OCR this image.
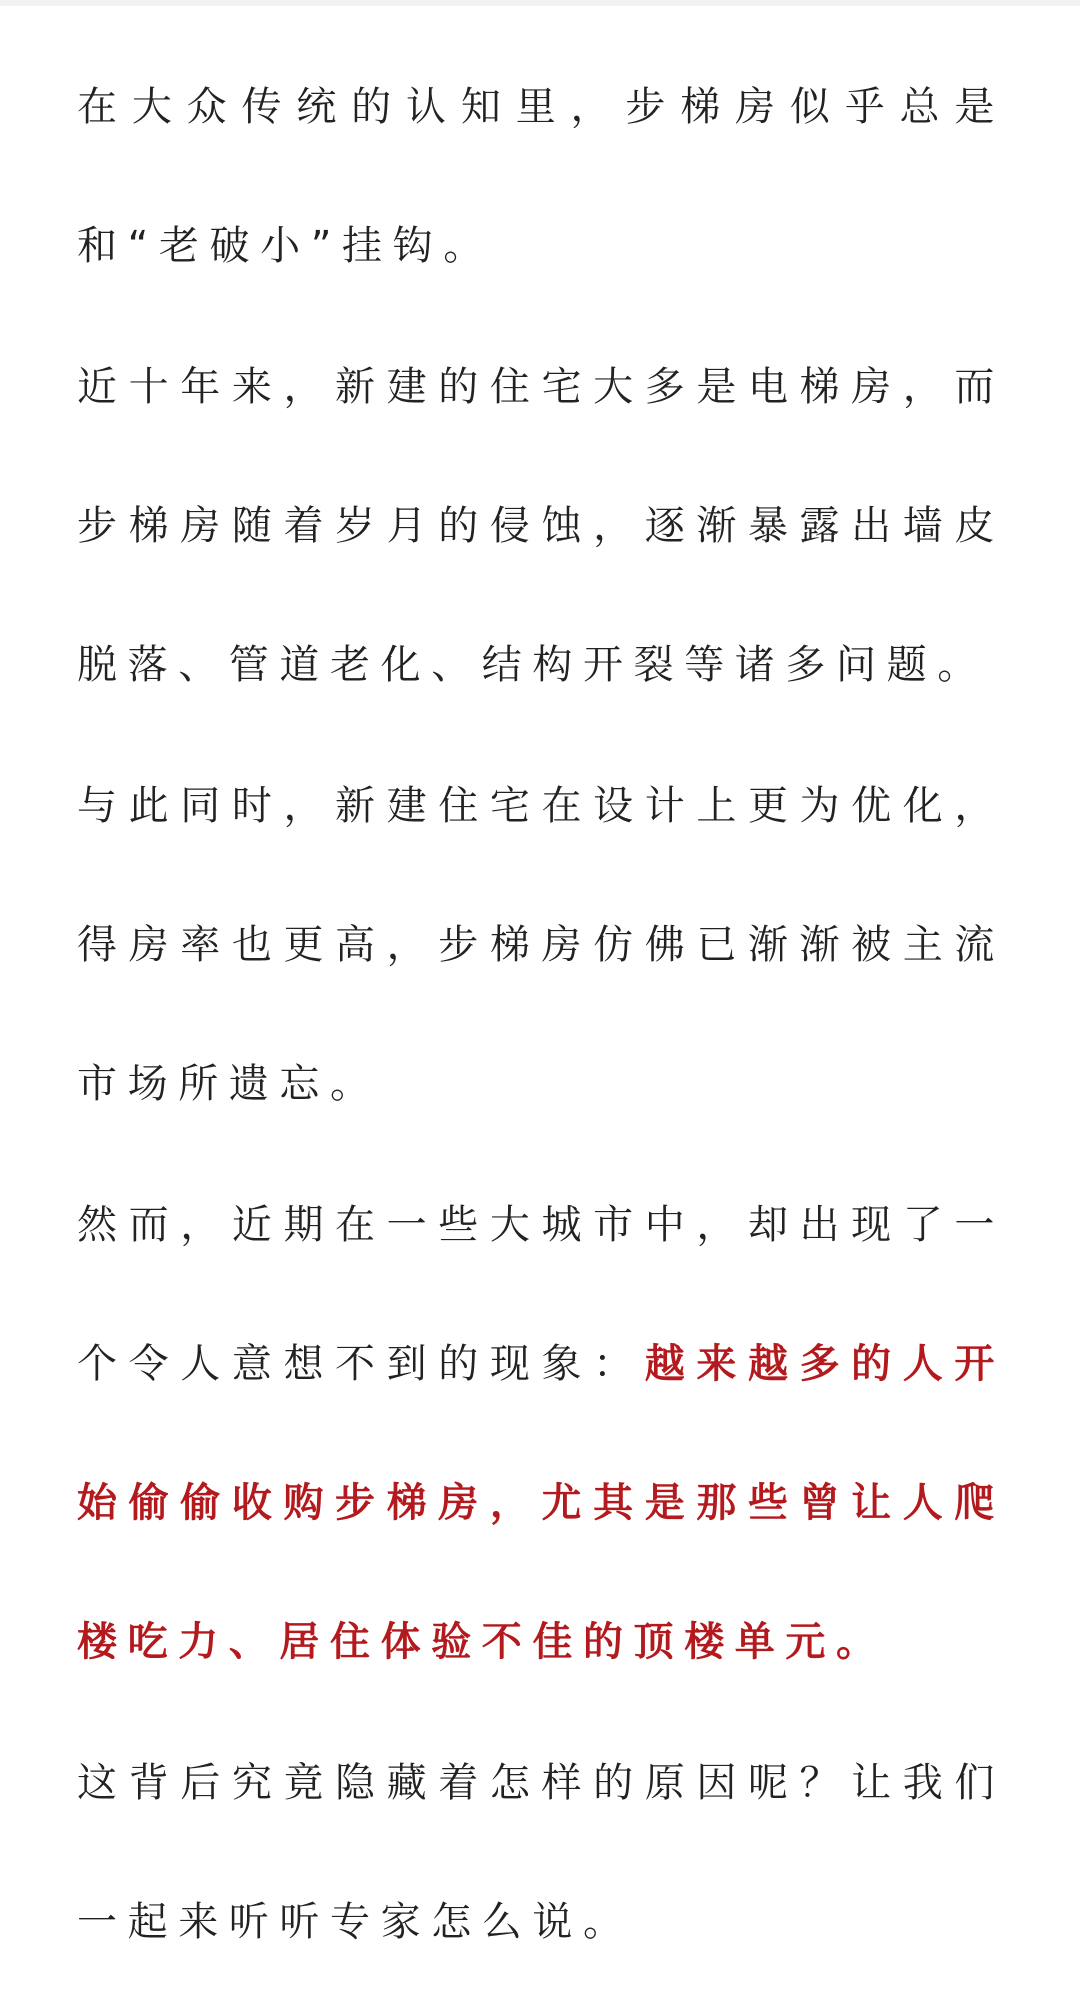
在大众传统的认知里，步梯房似乎总是和“老破小”挂钩。

近十年来，新建的住宅大多是电梯房，而步梯房随着岁月的侵蚀，逐渐暴露出墙皮脱落、管道老化、结构开裂等诸多问题。

与此同时，新建住宅在设计上更为优化，得房率也更高，步梯房仿佛已渐渐被主流市场所遗忘。

然而，近期在一些大城市中，却出现了一个令人意想不到的现象：越来越多的人开始偷偷收购步梯房，尤其是那些曾让人爬楼吃力、居住体验不佳的顶楼单元。

这背后究竟隐藏着怎样的原因呢？让我们一起来听听专家怎么说。
